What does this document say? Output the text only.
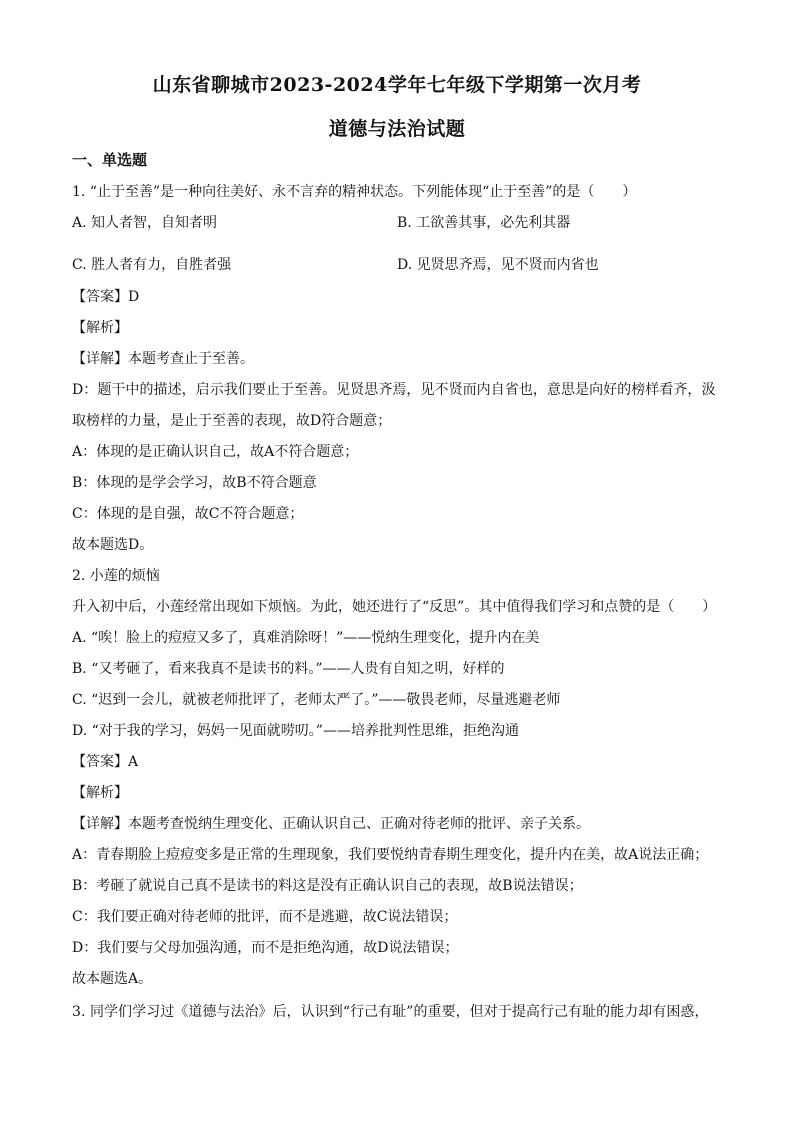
山东省聊城市2023-2024学年七年级下学期第一次月考
道德与法治试题
一、单选题
1. “止于至善”是一种向往美好、永不言弃的精神状态。下列能体现“止于至善”的是（　　）
A. 知人者智，自知者明	B. 工欲善其事，必先利其器
C. 胜人者有力，自胜者强	D. 见贤思齐焉，见不贤而内省也
【答案】D
【解析】
【详解】本题考查止于至善。
D：题干中的描述，启示我们要止于至善。见贤思齐焉，见不贤而内自省也，意思是向好的榜样看齐，汲
取榜样的力量，是止于至善的表现，故D符合题意；
A：体现的是正确认识自己，故A不符合题意；
B：体现的是学会学习，故B不符合题意
C：体现的是自强，故C不符合题意；
故本题选D。
2. 小莲的烦恼
升入初中后，小莲经常出现如下烦恼。为此，她还进行了“反思”。其中值得我们学习和点赞的是（　　）
A. “唉！脸上的痘痘又多了，真难消除呀！”——悦纳生理变化，提升内在美
B. “又考砸了，看来我真不是读书的料。”——人贵有自知之明，好样的
C. “迟到一会儿，就被老师批评了，老师太严了。”——敬畏老师，尽量逃避老师
D. “对于我的学习，妈妈一见面就唠叨。”——培养批判性思维，拒绝沟通
【答案】A
【解析】
【详解】本题考查悦纳生理变化、正确认识自己、正确对待老师的批评、亲子关系。
A：青春期脸上痘痘变多是正常的生理现象，我们要悦纳青春期生理变化，提升内在美，故A说法正确；
B：考砸了就说自己真不是读书的料这是没有正确认识自己的表现，故B说法错误；
C：我们要正确对待老师的批评，而不是逃避，故C说法错误；
D：我们要与父母加强沟通，而不是拒绝沟通，故D说法错误；
故本题选A。
3. 同学们学习过《道德与法治》后，认识到“行己有耻”的重要，但对于提高行己有耻的能力却有困惑，
